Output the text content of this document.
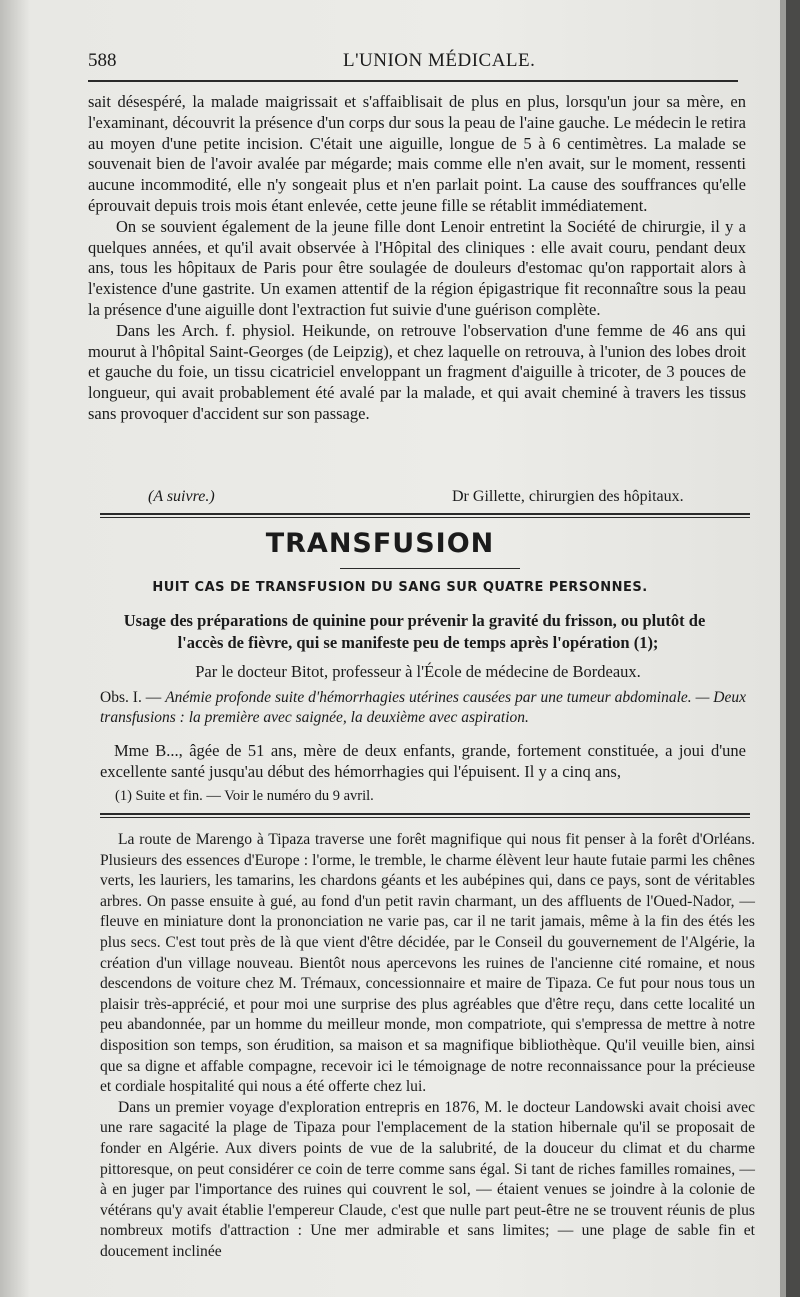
588	L'UNION MÉDICALE.

sait désespéré, la malade maigrissait et s'affaiblisait de plus en plus, lorsqu'un jour sa mère, en l'examinant, découvrit la présence d'un corps dur sous la peau de l'aine gauche. Le médecin le retira au moyen d'une petite incision. C'était une aiguille, longue de 5 à 6 centimètres. La malade se souvenait bien de l'avoir avalée par mégarde; mais comme elle n'en avait, sur le moment, ressenti aucune incommodité, elle n'y songeait plus et n'en parlait point. La cause des souffrances qu'elle éprouvait depuis trois mois étant enlevée, cette jeune fille se rétablit immédiatement.

On se souvient également de la jeune fille dont Lenoir entretint la Société de chirurgie, il y a quelques années, et qu'il avait observée à l'Hôpital des cliniques : elle avait couru, pendant deux ans, tous les hôpitaux de Paris pour être soulagée de douleurs d'estomac qu'on rapportait alors à l'existence d'une gastrite. Un examen attentif de la région épigastrique fit reconnaître sous la peau la présence d'une aiguille dont l'extraction fut suivie d'une guérison complète.

Dans les Arch. f. physiol. Heikunde, on retrouve l'observation d'une femme de 46 ans qui mourut à l'hôpital Saint-Georges (de Leipzig), et chez laquelle on retrouva, à l'union des lobes droit et gauche du foie, un tissu cicatriciel enveloppant un fragment d'aiguille à tricoter, de 3 pouces de longueur, qui avait probablement été avalé par la malade, et qui avait cheminé à travers les tissus sans provoquer d'accident sur son passage.

(A suivre.)	Dr Gillette, chirurgien des hôpitaux.
TRANSFUSION
HUIT CAS DE TRANSFUSION DU SANG SUR QUATRE PERSONNES.
Usage des préparations de quinine pour prévenir la gravité du frisson, ou plutôt de
l'accès de fièvre, qui se manifeste peu de temps après l'opération (1);
Par le docteur Bitot, professeur à l'École de médecine de Bordeaux.

Obs. I. — Anémie profonde suite d'hémorrhagies utérines causées par une tumeur abdominale. — Deux transfusions : la première avec saignée, la deuxième avec aspiration.

Mme B..., âgée de 51 ans, mère de deux enfants, grande, fortement constituée, a joui d'une excellente santé jusqu'au début des hémorrhagies qui l'épuisent. Il y a cinq ans,

(1) Suite et fin. — Voir le numéro du 9 avril.

La route de Marengo à Tipaza traverse une forêt magnifique qui nous fit penser à la forêt d'Orléans. Plusieurs des essences d'Europe : l'orme, le tremble, le charme élèvent leur haute futaie parmi les chênes verts, les lauriers, les tamarins, les chardons géants et les aubépines qui, dans ce pays, sont de véritables arbres. On passe ensuite à gué, au fond d'un petit ravin charmant, un des affluents de l'Oued-Nador, — fleuve en miniature dont la prononciation ne varie pas, car il ne tarit jamais, même à la fin des étés les plus secs. C'est tout près de là que vient d'être décidée, par le Conseil du gouvernement de l'Algérie, la création d'un village nouveau. Bientôt nous apercevons les ruines de l'ancienne cité romaine, et nous descendons de voiture chez M. Trémaux, concessionnaire et maire de Tipaza. Ce fut pour nous tous un plaisir très-apprécié, et pour moi une surprise des plus agréables que d'être reçu, dans cette localité un peu abandonnée, par un homme du meilleur monde, mon compatriote, qui s'empressa de mettre à notre disposition son temps, son érudition, sa maison et sa magnifique bibliothèque. Qu'il veuille bien, ainsi que sa digne et affable compagne, recevoir ici le témoignage de notre reconnaissance pour la précieuse et cordiale hospitalité qui nous a été offerte chez lui.

Dans un premier voyage d'exploration entrepris en 1876, M. le docteur Landowski avait choisi avec une rare sagacité la plage de Tipaza pour l'emplacement de la station hibernale qu'il se proposait de fonder en Algérie. Aux divers points de vue de la salubrité, de la douceur du climat et du charme pittoresque, on peut considérer ce coin de terre comme sans égal. Si tant de riches familles romaines, — à en juger par l'importance des ruines qui couvrent le sol, — étaient venues se joindre à la colonie de vétérans qu'y avait établie l'empereur Claude, c'est que nulle part peut-être ne se trouvent réunis de plus nombreux motifs d'attraction : Une mer admirable et sans limites; — une plage de sable fin et doucement inclinée
